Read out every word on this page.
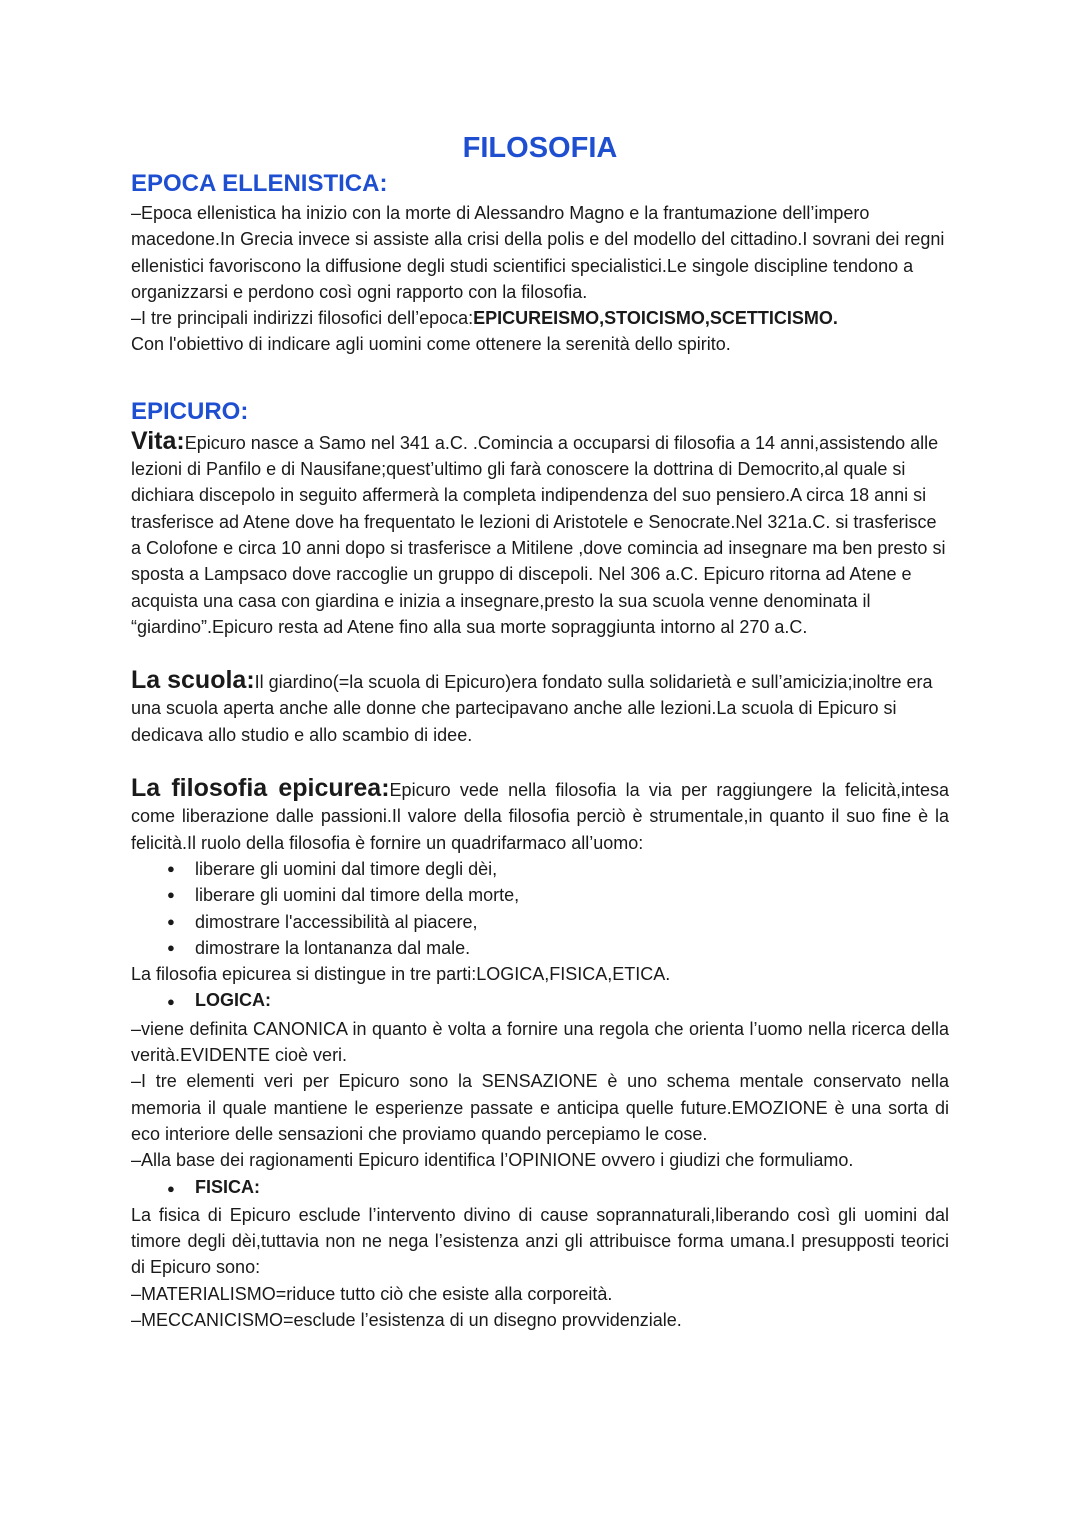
FILOSOFIA
EPOCA ELLENISTICA:

–Epoca ellenistica ha inizio con la morte di Alessandro Magno e la frantumazione dell’impero macedone.In Grecia invece si assiste alla crisi della polis e del modello del cittadino.I sovrani dei regni ellenistici favoriscono la diffusione degli studi scientifici specialistici.Le singole discipline tendono a organizzarsi e perdono così ogni rapporto con la filosofia.

–I tre principali indirizzi filosofici dell’epoca:EPICUREISMO,STOICISMO,SCETTICISMO.
Con l'obiettivo di indicare agli uomini come ottenere la serenità dello spirito.

EPICURO:

Vita:Epicuro nasce a Samo nel 341 a.C. .Comincia a occuparsi di filosofia a 14 anni,assistendo alle lezioni di Panfilo e di Nausifane;quest’ultimo gli farà conoscere la dottrina di Democrito,al quale si dichiara discepolo in seguito affermerà la completa indipendenza del suo pensiero.A circa 18 anni si trasferisce ad Atene dove ha frequentato le lezioni di Aristotele e Senocrate.Nel 321a.C. si trasferisce a Colofone e circa 10 anni dopo si trasferisce a Mitilene ,dove comincia ad insegnare ma ben presto si sposta a Lampsaco dove raccoglie un gruppo di discepoli. Nel 306 a.C. Epicuro ritorna ad Atene e acquista una casa con giardina e inizia a insegnare,presto la sua scuola venne denominata il “giardino”.Epicuro resta ad Atene fino alla sua morte sopraggiunta intorno al 270 a.C.

La scuola:Il giardino(=la scuola di Epicuro)era fondato sulla solidarietà e sull’amicizia;inoltre era una scuola aperta anche alle donne che partecipavano anche alle lezioni.La scuola di Epicuro si dedicava allo studio e allo scambio di idee.

La filosofia epicurea:Epicuro vede nella filosofia la via per raggiungere la felicità,intesa come liberazione dalle passioni.Il valore della filosofia perciò è strumentale,in quanto il suo fine è la felicità.Il ruolo della filosofia è fornire un quadrifarmaco all’uomo:

● liberare gli uomini dal timore degli dèi,
● liberare gli uomini dal timore della morte,
● dimostrare l'accessibilità al piacere,
● dimostrare la lontananza dal male.

La filosofia epicurea si distingue in tre parti:LOGICA,FISICA,ETICA.

● LOGICA:

–viene definita CANONICA in quanto è volta a fornire una regola che orienta l’uomo nella ricerca della verità.EVIDENTE cioè veri.

–I tre elementi veri per Epicuro sono la SENSAZIONE è uno schema mentale conservato nella memoria il quale mantiene le esperienze passate e anticipa quelle future.EMOZIONE è una sorta di eco interiore delle sensazioni che proviamo quando percepiamo le cose.

–Alla base dei ragionamenti Epicuro identifica l’OPINIONE ovvero i giudizi che formuliamo.

● FISICA:

La fisica di Epicuro esclude l’intervento divino di cause soprannaturali,liberando così gli uomini dal timore degli dèi,tuttavia non ne nega l’esistenza anzi gli attribuisce forma umana.I presupposti teorici di Epicuro sono:

–MATERIALISMO=riduce tutto ciò che esiste alla corporeità.

–MECCANICISMO=esclude l’esistenza di un disegno provvidenziale.
